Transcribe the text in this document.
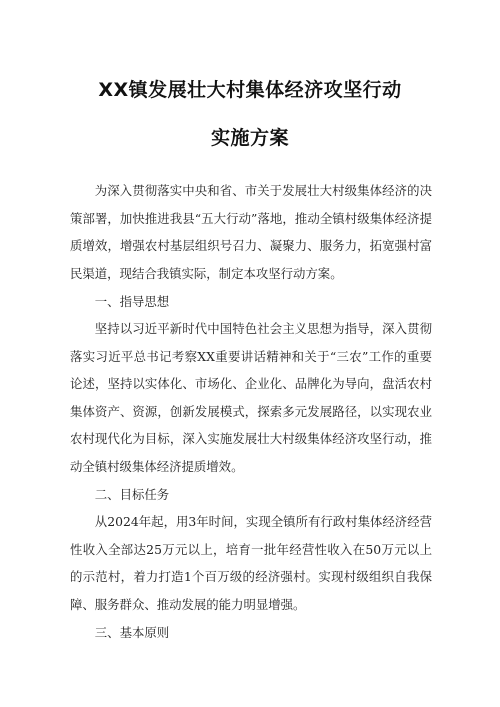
XX镇发展壮大村集体经济攻坚行动
实施方案

为深入贯彻落实中央和省、市关于发展壮大村级集体经济的决策部署，加快推进我县“五大行动”落地，推动全镇村级集体经济提质增效，增强农村基层组织号召力、凝聚力、服务力，拓宽强村富民渠道，现结合我镇实际，制定本攻坚行动方案。

一、指导思想

坚持以习近平新时代中国特色社会主义思想为指导，深入贯彻落实习近平总书记考察XX重要讲话精神和关于“三农”工作的重要论述，坚持以实体化、市场化、企业化、品牌化为导向，盘活农村集体资产、资源，创新发展模式，探索多元发展路径，以实现农业农村现代化为目标，深入实施发展壮大村级集体经济攻坚行动，推动全镇村级集体经济提质增效。

二、目标任务

从2024年起，用3年时间，实现全镇所有行政村集体经济经营性收入全部达25万元以上，培育一批年经营性收入在50万元以上的示范村，着力打造1个百万级的经济强村。实现村级组织自我保障、服务群众、推动发展的能力明显增强。

三、基本原则
